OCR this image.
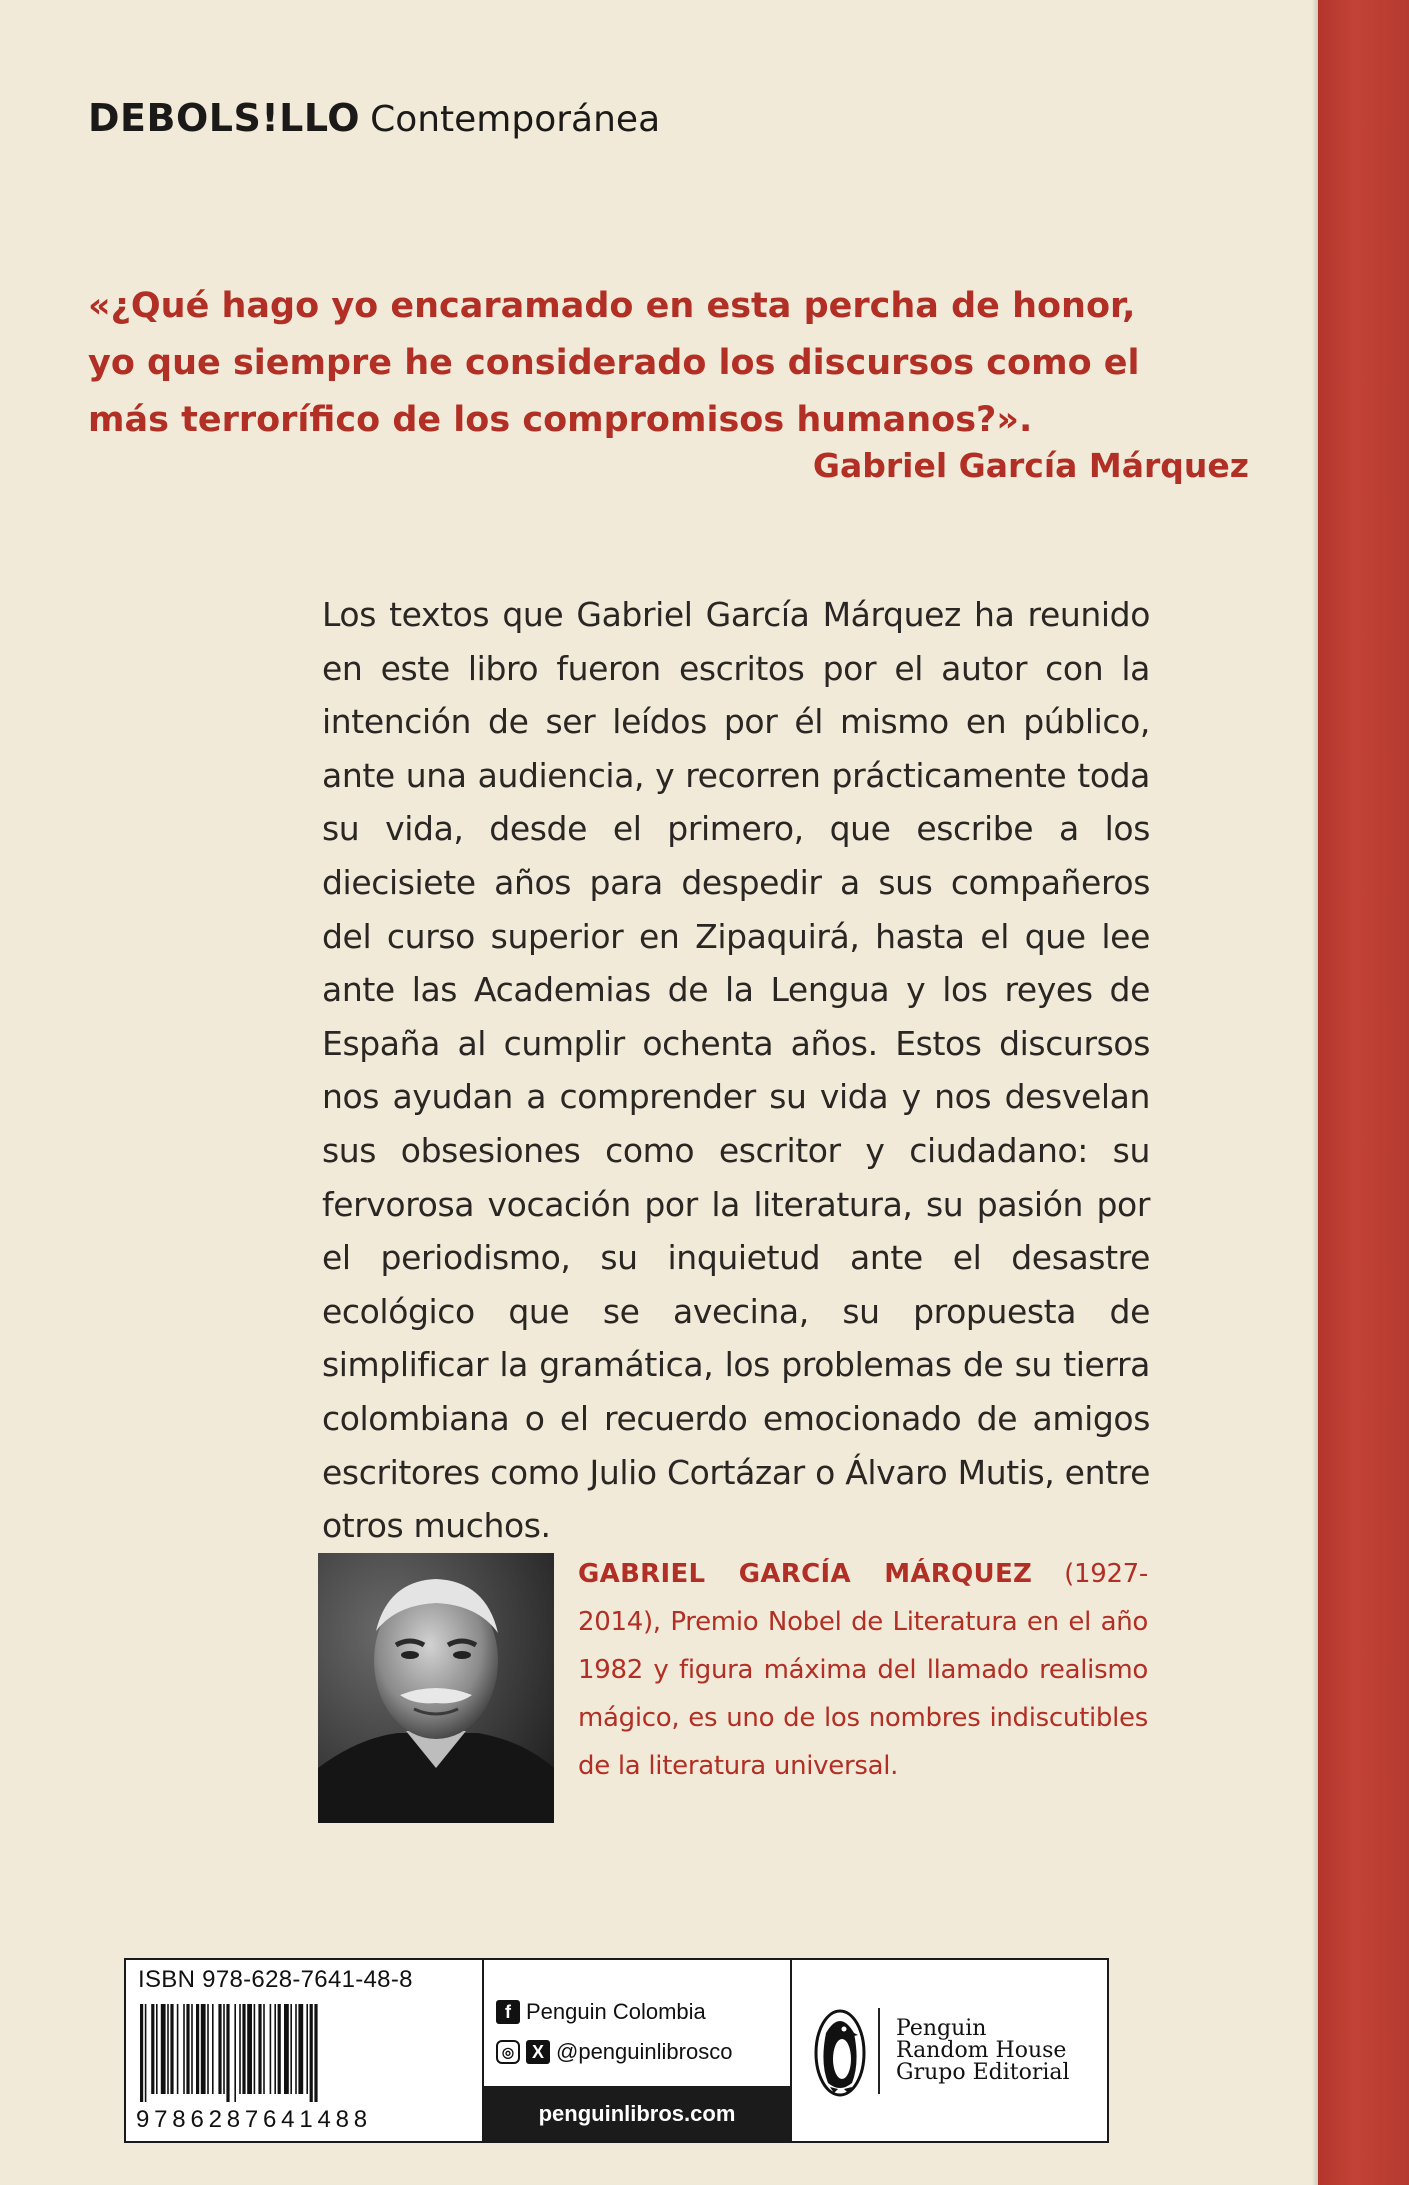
DEBOLS!LLO Contemporánea
«¿Qué hago yo encaramado en esta percha de honor, yo que siempre he considerado los discursos como el más terrorífico de los compromisos humanos?».
Gabriel García Márquez
Los textos que Gabriel García Márquez ha reunido en este libro fueron escritos por el autor con la intención de ser leídos por él mismo en público, ante una audiencia, y recorren prácticamente toda su vida, desde el primero, que escribe a los diecisiete años para despedir a sus compañeros del curso superior en Zipaquirá, hasta el que lee ante las Academias de la Lengua y los reyes de España al cumplir ochenta años. Estos discursos nos ayudan a comprender su vida y nos desvelan sus obsesiones como escritor y ciudadano: su fervorosa vocación por la literatura, su pasión por el periodismo, su inquietud ante el desastre ecológico que se avecina, su propuesta de simplificar la gramática, los problemas de su tierra colombiana o el recuerdo emocionado de amigos escritores como Julio Cortázar o Álvaro Mutis, entre otros muchos.
GABRIEL GARCÍA MÁRQUEZ (1927-2014), Premio Nobel de Literatura en el año 1982 y figura máxima del llamado realismo mágico, es uno de los nombres indiscutibles de la literatura universal.
ISBN 978-628-7641-48-8
9786287641488
f Penguin Colombia
◎ X @penguinlibrosco
penguinlibros.com
Penguin
Random House
Grupo Editorial
